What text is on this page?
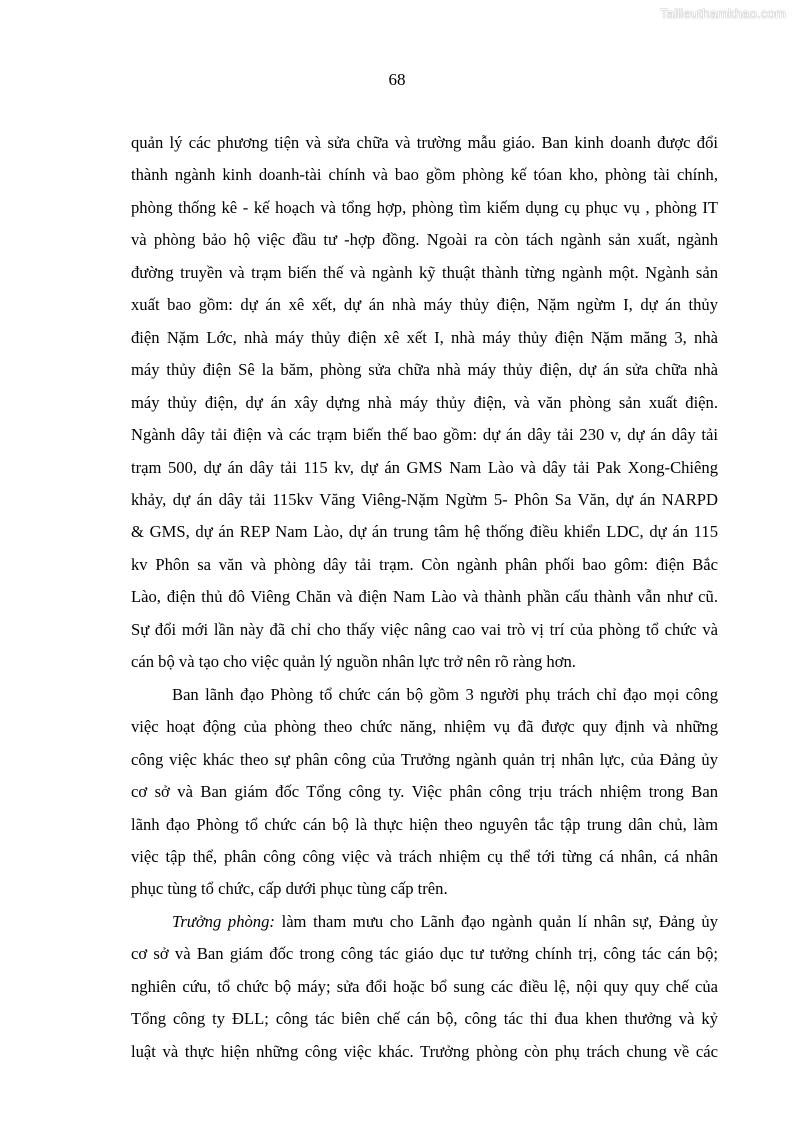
Tailieuthamkhao.com
68

quản lý các phương tiện và sửa chữa và trường mẫu giáo. Ban kinh doanh được đổi
thành ngành kinh doanh-tài chính và bao gồm phòng kế tóan kho, phòng tài chính,
phòng thống kê - kế hoạch và tổng hợp, phòng tìm kiếm dụng cụ phục vụ , phòng IT
và phòng bảo hộ việc đầu tư -hợp đồng. Ngoài ra còn tách ngành sản xuất, ngành
đường truyền và trạm biến thế và ngành kỹ thuật thành từng ngành một. Ngành sản
xuất bao gồm: dự án xê xết, dự án nhà máy thủy điện, Nặm ngừm I, dự án thủy
điện Nặm Lớc, nhà máy thủy điện xê xết I, nhà máy thủy điện Nặm măng 3, nhà
máy thủy điện Sê la băm, phòng sửa chữa nhà máy thủy điện, dự án sửa chữa nhà
máy thủy điện, dự án xây dựng nhà máy thủy điện, và văn phòng sản xuất điện.
Ngành dây tải điện và các trạm biến thế bao gồm: dự án dây tải 230 v, dự án dây tải
trạm 500, dự án dây tải 115 kv, dự án GMS Nam Lào và dây tải Pak Xong-Chiêng
khảy, dự án dây tải 115kv Văng Viêng-Nặm Ngừm 5- Phôn Sa Văn, dự án NARPD
& GMS, dự án REP Nam Lào, dự án trung tâm hệ thống điều khiển LDC, dự án 115
kv Phôn sa văn và phòng dây tải trạm. Còn ngành phân phối bao gôm: điện Bắc
Lào, điện thủ đô Viêng Chăn và điện Nam Lào và thành phần cấu thành vẫn như cũ.
Sự đổi mới lần này đã chỉ cho thấy việc nâng cao vai trò vị trí của phòng tổ chức và
cán bộ và tạo cho việc quản lý nguồn nhân lực trở nên rõ ràng hơn.

Ban lãnh đạo Phòng tổ chức cán bộ gồm 3 người phụ trách chỉ đạo mọi công
việc hoạt động của phòng theo chức năng, nhiệm vụ đã được quy định và những
công việc khác theo sự phân công của Trưởng ngành quản trị nhân lực, của Đảng ủy
cơ sở và Ban giám đốc Tổng công ty. Việc phân công trịu trách nhiệm trong Ban
lãnh đạo Phòng tổ chức cán bộ là thực hiện theo nguyên tắc tập trung dân chủ, làm
việc tập thể, phân công công việc và trách nhiệm cụ thể tới từng cá nhân, cá nhân
phục tùng tổ chức, cấp dưới phục tùng cấp trên.

Trưởng phòng: làm tham mưu cho Lãnh đạo ngành quản lí nhân sự, Đảng ủy
cơ sở và Ban giám đốc trong công tác giáo dục tư tưởng chính trị, công tác cán bộ;
nghiên cứu, tổ chức bộ máy; sửa đổi hoặc bổ sung các điều lệ, nội quy quy chế của
Tổng công ty ĐLL; công tác biên chế cán bộ, công tác thi đua khen thưởng và kỷ
luật và thực hiện những công việc khác. Trưởng phòng còn phụ trách chung về các
